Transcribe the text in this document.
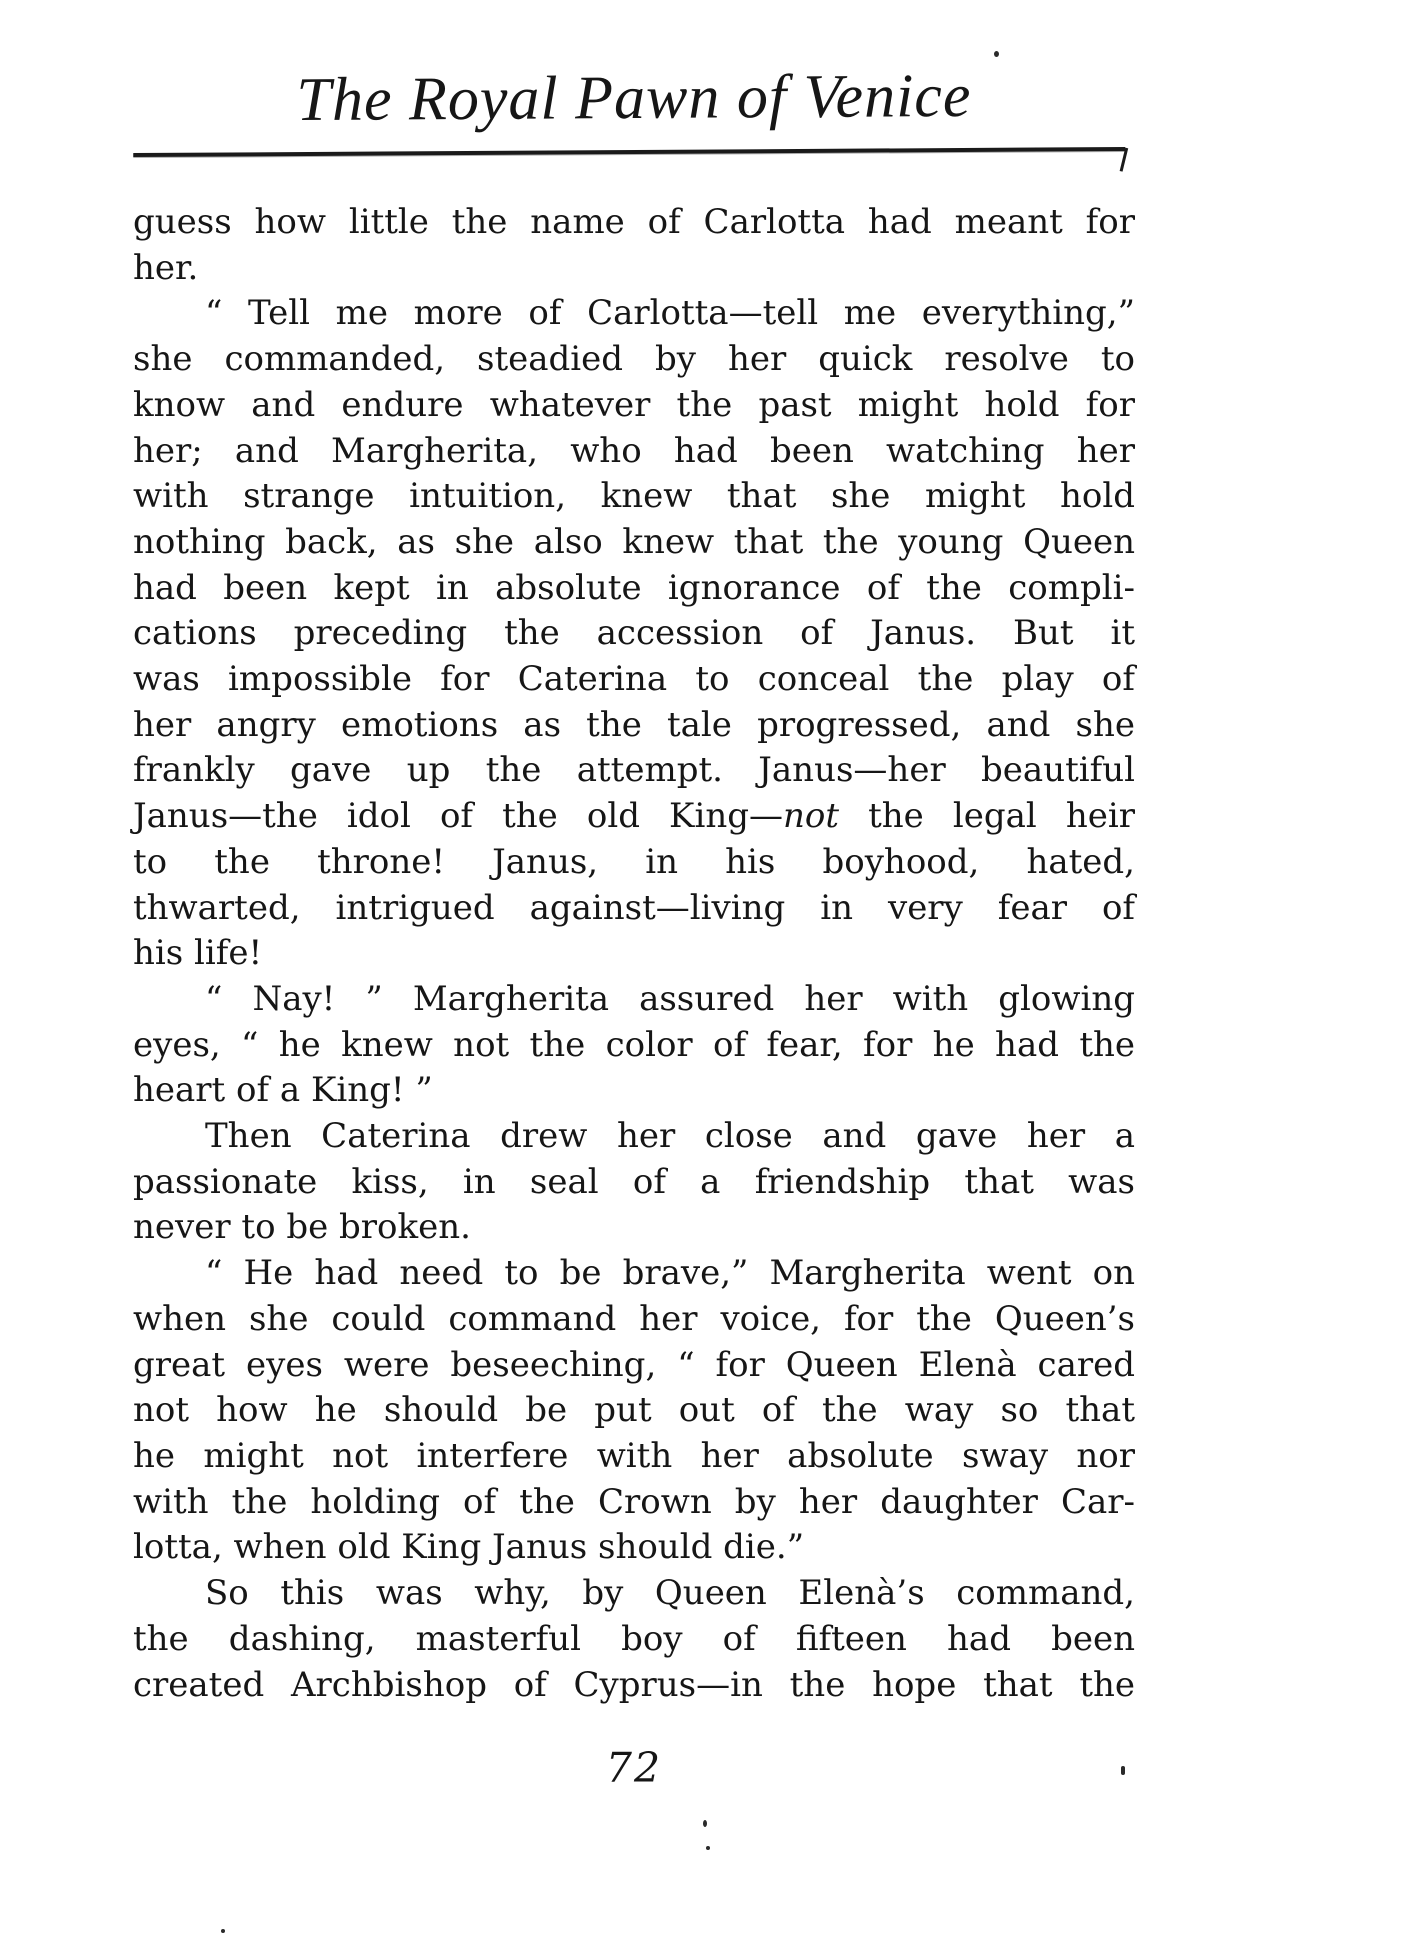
The Royal Pawn of Venice
guess how little the name of Carlotta had meant for
her.
“ Tell me more of Carlotta—tell me everything,”
she commanded, steadied by her quick resolve to
know and endure whatever the past might hold for
her; and Margherita, who had been watching her
with strange intuition, knew that she might hold
nothing back, as she also knew that the young Queen
had been kept in absolute ignorance of the compli-
cations preceding the accession of Janus. But it
was impossible for Caterina to conceal the play of
her angry emotions as the tale progressed, and she
frankly gave up the attempt. Janus—her beautiful
Janus—the idol of the old King—not the legal heir
to the throne! Janus, in his boyhood, hated,
thwarted, intrigued against—living in very fear of
his life!
“ Nay! ” Margherita assured her with glowing
eyes, “ he knew not the color of fear, for he had the
heart of a King! ”
Then Caterina drew her close and gave her a
passionate kiss, in seal of a friendship that was
never to be broken.
“ He had need to be brave,” Margherita went on
when she could command her voice, for the Queen’s
great eyes were beseeching, “ for Queen Elenà cared
not how he should be put out of the way so that
he might not interfere with her absolute sway nor
with the holding of the Crown by her daughter Car-
lotta, when old King Janus should die.”
So this was why, by Queen Elenà’s command,
the dashing, masterful boy of fifteen had been
created Archbishop of Cyprus—in the hope that the
72
